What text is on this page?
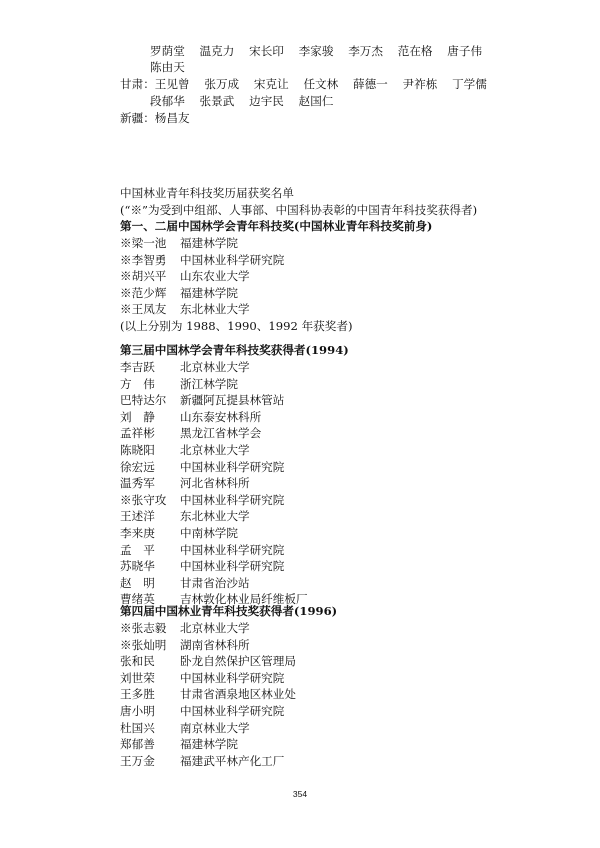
罗荫堂 温克力 宋长印 李家骏 李万杰 范在格 唐子伟
陈由天
甘肃：王见曾 张万成 宋克让 任文林 薛德一 尹祚栋 丁学儒
段郁华 张景武 边宇民 赵国仁
新疆：杨昌友
中国林业青年科技奖历届获奖名单
(“※”为受到中组部、人事部、中国科协表彰的中国青年科技奖获得者)
第一、二届中国林学会青年科技奖(中国林业青年科技奖前身)
※梁一池 福建林学院
※李智勇 中国林业科学研究院
※胡兴平 山东农业大学
※范少辉 福建林学院
※王凤友 东北林业大学
(以上分别为 1988、1990、1992 年获奖者)
第三届中国林学会青年科技奖获得者(1994)
李吉跃 北京林业大学
方　伟 浙江林学院
巴特达尔 新疆阿瓦提县林管站
刘　静 山东泰安林科所
孟祥彬 黑龙江省林学会
陈晓阳 北京林业大学
徐宏远 中国林业科学研究院
温秀军 河北省林科所
※张守攻 中国林业科学研究院
王述洋 东北林业大学
李来庚 中南林学院
孟　平 中国林业科学研究院
苏晓华 中国林业科学研究院
赵　明 甘肃省治沙站
曹绪英 吉林敦化林业局纤维板厂
第四届中国林业青年科技奖获得者(1996)
※张志毅 北京林业大学
※张灿明 湖南省林科所
张和民 卧龙自然保护区管理局
刘世荣 中国林业科学研究院
王多胜 甘肃省酒泉地区林业处
唐小明 中国林业科学研究院
杜国兴 南京林业大学
郑郁善 福建林学院
王万金 福建武平林产化工厂
354
